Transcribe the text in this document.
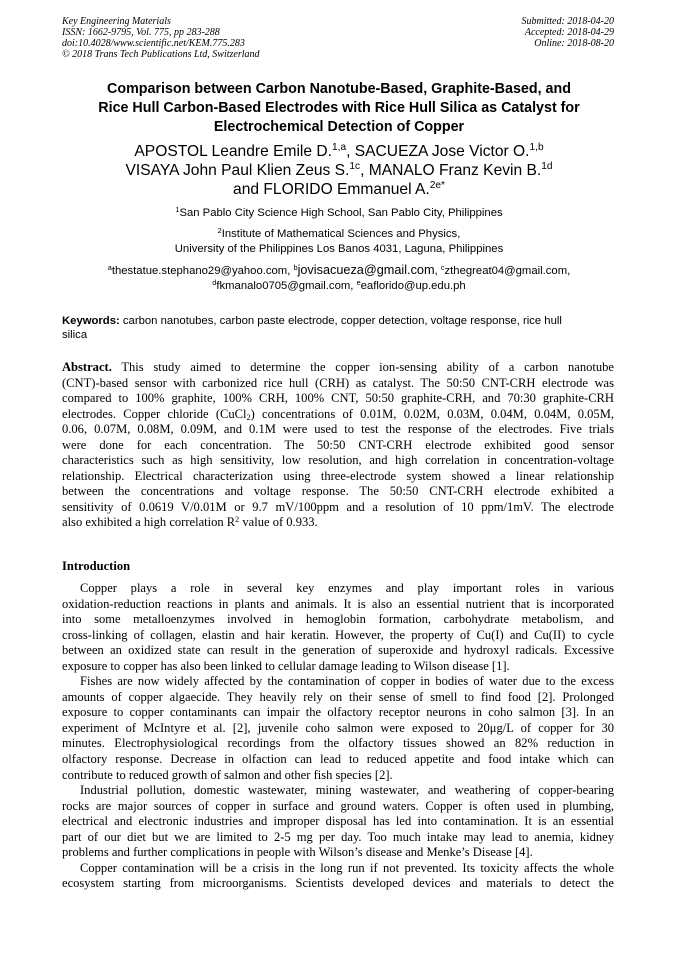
Key Engineering Materials
ISSN: 1662-9795, Vol. 775, pp 283-288
doi:10.4028/www.scientific.net/KEM.775.283
© 2018 Trans Tech Publications Ltd, Switzerland
Submitted: 2018-04-20
Accepted: 2018-04-29
Online: 2018-08-20
Comparison between Carbon Nanotube-Based, Graphite-Based, and
Rice Hull Carbon-Based Electrodes with Rice Hull Silica as Catalyst for
Electrochemical Detection of Copper
APOSTOL Leandre Emile D.$^{1,a}$, SACUEZA Jose Victor O.$^{1,b}$
VISAYA John Paul Klien Zeus S.$^{1c}$, MANALO Franz Kevin B.$^{1d}$
and FLORIDO Emmanuel A.$^{2e*}$
$^1$San Pablo City Science High School, San Pablo City, Philippines
$^2$Institute of Mathematical Sciences and Physics,
University of the Philippines Los Banos 4031, Laguna, Philippines
$^a$thestatue.stephano29@yahoo.com, $^b$jovisacueza@gmail.com, $^c$zthegreat04@gmail.com,
$^d$fkmanalo0705@gmail.com, $^e$eaflorido@up.edu.ph
Keywords: carbon nanotubes, carbon paste electrode, copper detection, voltage response, rice hull
silica
Abstract. This study aimed to determine the copper ion-sensing ability of a carbon nanotube
(CNT)-based sensor with carbonized rice hull (CRH) as catalyst. The 50:50 CNT-CRH electrode was
compared to 100% graphite, 100% CRH, 100% CNT, 50:50 graphite-CRH, and 70:30 graphite-CRH
electrodes. Copper chloride (CuCl$_2$) concentrations of 0.01M, 0.02M, 0.03M, 0.04M, 0.04M, 0.05M,
0.06, 0.07M, 0.08M, 0.09M, and 0.1M were used to test the response of the electrodes. Five trials
were done for each concentration. The 50:50 CNT-CRH electrode exhibited good sensor
characteristics such as high sensitivity, low resolution, and high correlation in concentration-voltage
relationship. Electrical characterization using three-electrode system showed a linear relationship
between the concentrations and voltage response. The 50:50 CNT-CRH electrode exhibited a
sensitivity of 0.0619 V/0.01M or 9.7 mV/100ppm and a resolution of 10 ppm/1mV. The electrode
also exhibited a high correlation $R^2$ value of 0.933.
Introduction
Copper plays a role in several key enzymes and play important roles in various
oxidation-reduction reactions in plants and animals. It is also an essential nutrient that is incorporated
into some metalloenzymes involved in hemoglobin formation, carbohydrate metabolism, and
cross-linking of collagen, elastin and hair keratin. However, the property of Cu(I) and Cu(II) to cycle
between an oxidized state can result in the generation of superoxide and hydroxyl radicals. Excessive
exposure to copper has also been linked to cellular damage leading to Wilson disease [1].
Fishes are now widely affected by the contamination of copper in bodies of water due to the excess
amounts of copper algaecide. They heavily rely on their sense of smell to find food [2]. Prolonged
exposure to copper contaminants can impair the olfactory receptor neurons in coho salmon [3]. In an
experiment of McIntyre et al. [2], juvenile coho salmon were exposed to 20μg/L of copper for 30
minutes. Electrophysiological recordings from the olfactory tissues showed an 82% reduction in
olfactory response. Decrease in olfaction can lead to reduced appetite and food intake which can
contribute to reduced growth of salmon and other fish species [2].
Industrial pollution, domestic wastewater, mining wastewater, and weathering of copper-bearing
rocks are major sources of copper in surface and ground waters. Copper is often used in plumbing,
electrical and electronic industries and improper disposal has led into contamination. It is an essential
part of our diet but we are limited to 2-5 mg per day. Too much intake may lead to anemia, kidney
problems and further complications in people with Wilson’s disease and Menke’s Disease [4].
Copper contamination will be a crisis in the long run if not prevented. Its toxicity affects the whole
ecosystem starting from microorganisms. Scientists developed devices and materials to detect the
